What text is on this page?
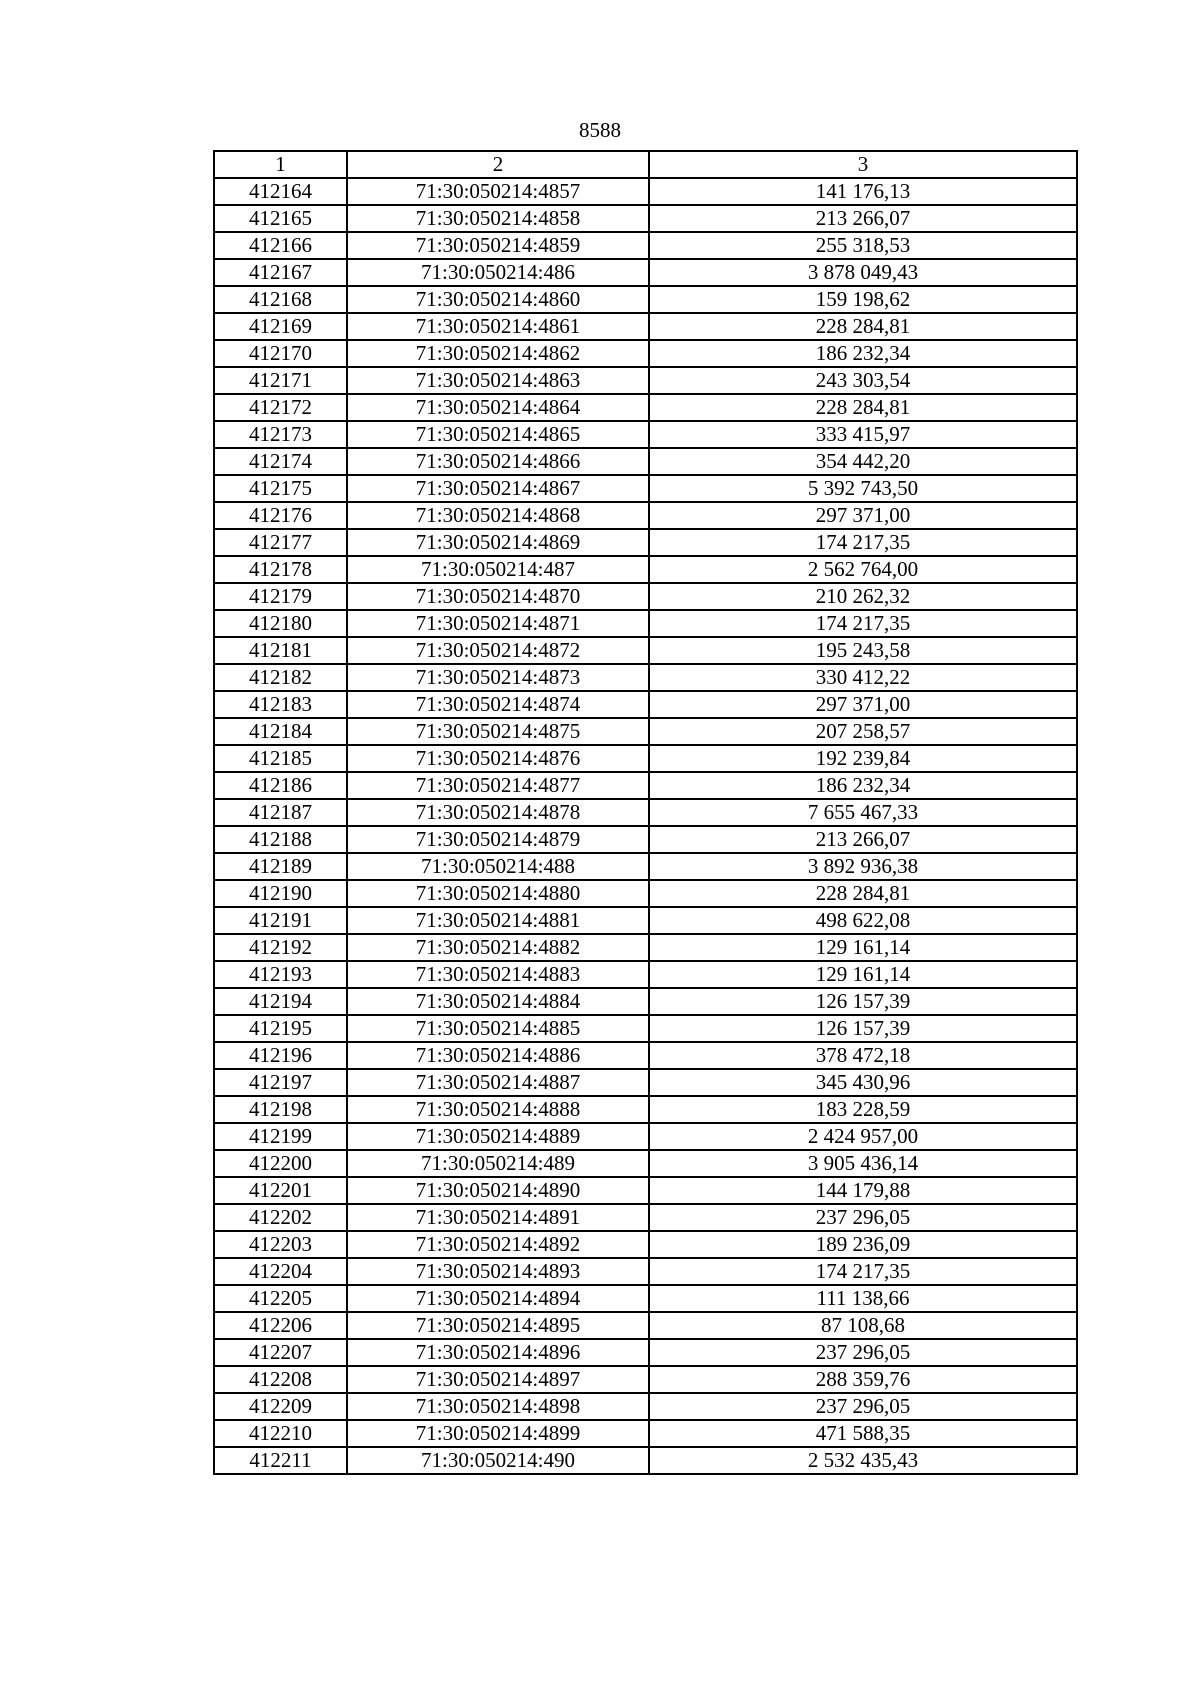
8588
1	2	3
412164	71:30:050214:4857	141 176,13
412165	71:30:050214:4858	213 266,07
412166	71:30:050214:4859	255 318,53
412167	71:30:050214:486	3 878 049,43
412168	71:30:050214:4860	159 198,62
412169	71:30:050214:4861	228 284,81
412170	71:30:050214:4862	186 232,34
412171	71:30:050214:4863	243 303,54
412172	71:30:050214:4864	228 284,81
412173	71:30:050214:4865	333 415,97
412174	71:30:050214:4866	354 442,20
412175	71:30:050214:4867	5 392 743,50
412176	71:30:050214:4868	297 371,00
412177	71:30:050214:4869	174 217,35
412178	71:30:050214:487	2 562 764,00
412179	71:30:050214:4870	210 262,32
412180	71:30:050214:4871	174 217,35
412181	71:30:050214:4872	195 243,58
412182	71:30:050214:4873	330 412,22
412183	71:30:050214:4874	297 371,00
412184	71:30:050214:4875	207 258,57
412185	71:30:050214:4876	192 239,84
412186	71:30:050214:4877	186 232,34
412187	71:30:050214:4878	7 655 467,33
412188	71:30:050214:4879	213 266,07
412189	71:30:050214:488	3 892 936,38
412190	71:30:050214:4880	228 284,81
412191	71:30:050214:4881	498 622,08
412192	71:30:050214:4882	129 161,14
412193	71:30:050214:4883	129 161,14
412194	71:30:050214:4884	126 157,39
412195	71:30:050214:4885	126 157,39
412196	71:30:050214:4886	378 472,18
412197	71:30:050214:4887	345 430,96
412198	71:30:050214:4888	183 228,59
412199	71:30:050214:4889	2 424 957,00
412200	71:30:050214:489	3 905 436,14
412201	71:30:050214:4890	144 179,88
412202	71:30:050214:4891	237 296,05
412203	71:30:050214:4892	189 236,09
412204	71:30:050214:4893	174 217,35
412205	71:30:050214:4894	111 138,66
412206	71:30:050214:4895	87 108,68
412207	71:30:050214:4896	237 296,05
412208	71:30:050214:4897	288 359,76
412209	71:30:050214:4898	237 296,05
412210	71:30:050214:4899	471 588,35
412211	71:30:050214:490	2 532 435,43
